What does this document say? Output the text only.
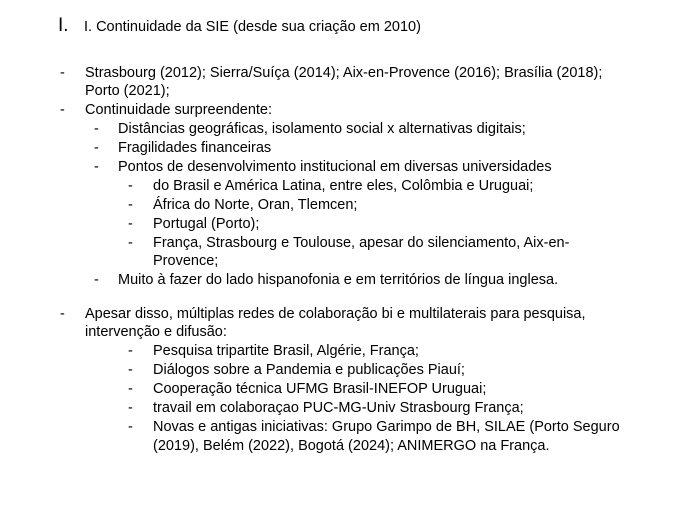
I. I. Continuidade da SIE (desde sua criação em 2010)
- Strasbourg (2012); Sierra/Suíça (2014); Aix-en-Provence (2016); Brasília (2018);
Porto (2021);
- Continuidade surpreendente:
- Distâncias geográficas, isolamento social x alternativas digitais;
- Fragilidades financeiras
- Pontos de desenvolvimento institucional em diversas universidades
- do Brasil e América Latina, entre eles, Colômbia e Uruguai;
- África do Norte, Oran, Tlemcen;
- Portugal (Porto);
- França, Strasbourg e Toulouse, apesar do silenciamento, Aix-en-
Provence;
- Muito à fazer do lado hispanofonia e em territórios de língua inglesa.
- Apesar disso, múltiplas redes de colaboração bi e multilaterais para pesquisa,
intervenção e difusão:
- Pesquisa tripartite Brasil, Algérie, França;
- Diálogos sobre a Pandemia e publicações Piauí;
- Cooperação técnica UFMG Brasil-INEFOP Uruguai;
- travail em colaboraçao PUC-MG-Univ Strasbourg França;
- Novas e antigas iniciativas: Grupo Garimpo de BH, SILAE (Porto Seguro
(2019), Belém (2022), Bogotá (2024); ANIMERGO na França.
